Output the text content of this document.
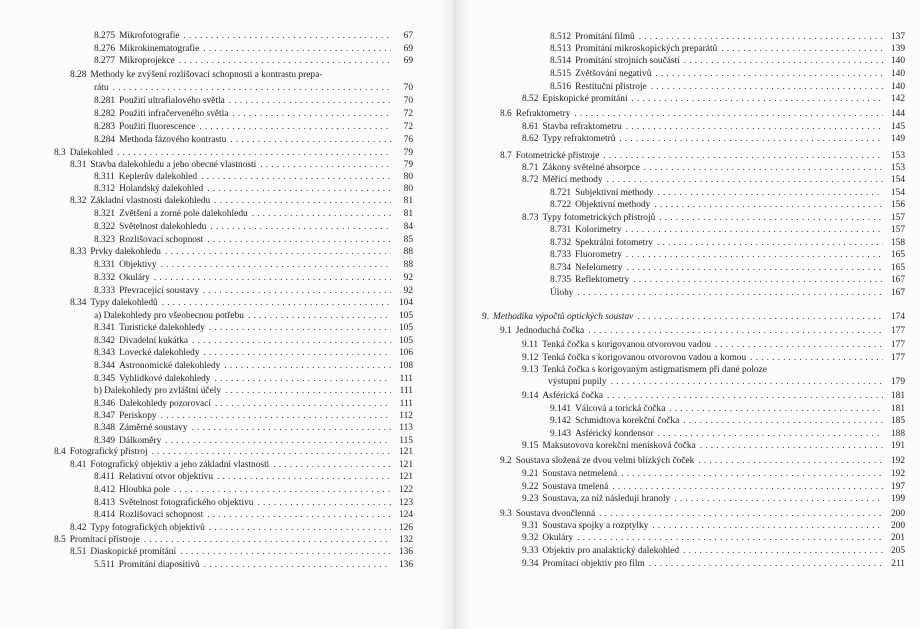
8.275 Mikrofotografie . . .	67
8.276 Mikrokinematografie . . .	69
8.277 Mikroprojekce . . .	69
8.28 Methody ke zvýšení rozlišovací schopnosti a kontrastu prepa-
rátu . . .	70
8.281 Použití ultrafialového světla . . .	70
8.282 Použití infračerveného světla . . .	72
8.283 Použití fluorescence . . .	72
8.284 Methoda fázového kontrastu . . .	76
8.3 Dalekohled . . .	79
8.31 Stavba dalekohledu a jeho obecné vlastnosti . . .	79
8.311 Keplerův dalekohled . . .	80
8.312 Holandský dalekohled . . .	80
8.32 Základní vlastnosti dalekohledu . . .	81
8.321 Zvětšení a zorné pole dalekohledu . . .	81
8.322 Světelnost dalekohledu . . .	84
8.323 Rozlišovací schopnost . . .	85
8.33 Prvky dalekohledu . . .	88
8.331 Objektivy . . .	88
8.332 Okuláry . . .	92
8.333 Převracející soustavy . . .	92
8.34 Typy dalekohledů . . .	104
a) Dalekohledy pro všeobecnou potřebu . . .	105
8.341 Turistické dalekohledy . . .	105
8.342 Divadelní kukátka . . .	105
8.343 Lovecké dalekohledy . . .	106
8.344 Astronomické dalekohledy . . .	108
8.345 Vyhlídkové dalekohledy . . .	111
b) Dalekohledy pro zvláštní účely . . .	111
8.346 Dalekohledy pozorovací . . .	111
8.347 Periskopy . . .	112
8.348 Záměrné soustavy . . .	113
8.349 Dálkoměry . . .	115
8.4 Fotografický přístroj . . .	121
8.41 Fotografický objektiv a jeho základní vlastnosti . . .	121
8.411 Relativní otvor objektivu . . .	121
8.412 Hloubka pole . . .	122
8.413 Světelnost fotografického objektivu . . .	123
8.414 Rozlišovací schopnost . . .	124
8.42 Typy fotografických objektivů . . .	126
8.5 Promítací přístroje . . .	132
8.51 Diaskopické promítání . . .	136
5.511 Promítání diapositivů . . .	136
8.512 Promítání filmů . . .	137
8.513 Promítání mikroskopických preparátů . . .	139
8.514 Promítání strojních součástí . . .	140
8.515 Zvětšování negativů . . .	140
8.516 Restituční přístroje . . .	140
8.52 Episkopické promítání . . .	142
8.6 Refraktometry . . .	144
8.61 Stavba refraktometru . . .	145
8.62 Typy refraktometrů . . .	149
8.7 Fotometrické přístroje . . .	153
8.71 Zákony světelné absorpce . . .	153
8.72 Měřicí methody . . .	154
8.721 Subjektivní methody . . .	154
8.722 Objektivní methody . . .	156
8.73 Typy fotometrických přístrojů . . .	157
8.731 Kolorimetry . . .	157
8.732 Spektrální fotometry . . .	158
8.733 Fluorometry . . .	165
8.734 Nefelometry . . .	165
8.735 Reflektometry . . .	167
Úlohy . . .	167
9. Methodika výpočtů optických soustav . . .	174
9.1 Jednoduchá čočka . . .	177
9.11 Tenká čočka s korigovanou otvorovou vadou . . .	177
9.12 Tenká čočka s korigovanou otvorovou vadou a komou . . .	177
9.13 Tenká čočka s korigovaným astigmatismem při dané poloze
výstupní pupily . . .	179
9.14 Asférická čočka . . .	181
9.141 Válcová a torická čočka . . .	181
9.142 Schmidtova korekční čočka . . .	185
9.143 Asférický kondensor . . .	188
9.15 Maksutovova korekční menisková čočka . . .	191
9.2 Soustava složená ze dvou velmi blízkých čoček . . .	192
9.21 Soustava netmelená . . .	192
9.22 Soustava tmelená . . .	197
9.23 Soustava, za níž následují hranoly . . .	199
9.3 Soustava dvoučlenná . . .	200
9.31 Soustava spojky a rozptylky . . .	200
9.32 Okuláry . . .	201
9.33 Objektiv pro analaktický dalekohled . . .	205
9.34 Promítací objektiv pro film . . .	211
